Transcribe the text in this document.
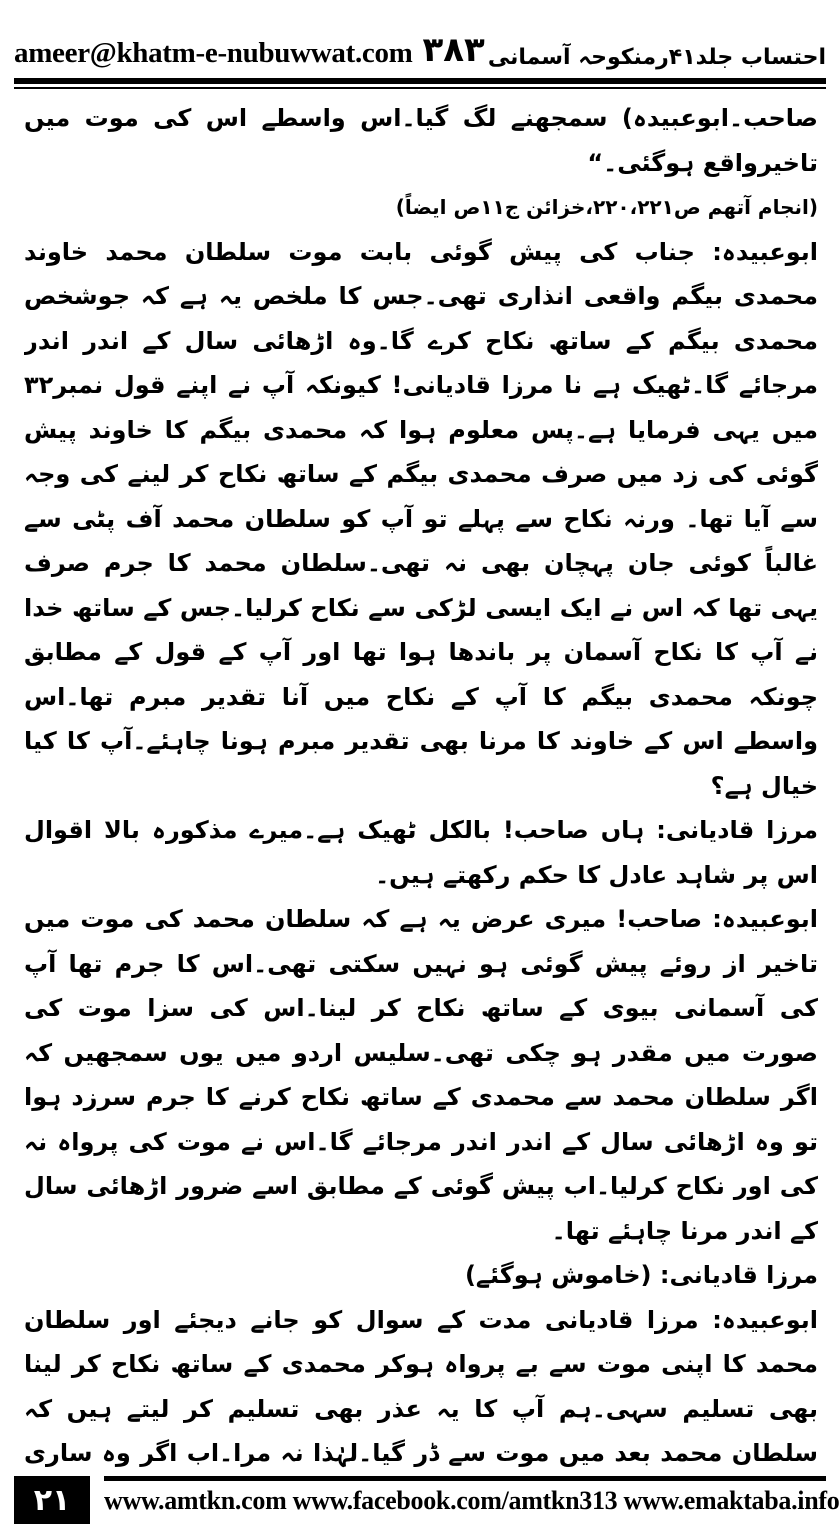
ameer@khatm-e-nubuwwat.com ۳۸۳ احتساب جلد۴۱رمنکوحہ آسمانی

صاحب۔ابوعبیدہ) سمجھنے لگ گیا۔اس واسطے اس کی موت میں تاخیرواقع ہوگئی۔“

(انجام آتھم ص۲۲۰،۲۲۱،خزائن ج۱۱ص ایضاً)

ابوعبیدہ: جناب کی پیش گوئی بابت موت سلطان محمد خاوند محمدی بیگم واقعی انذاری تھی۔جس کا ملخص یہ ہے کہ جوشخص محمدی بیگم کے ساتھ نکاح کرے گا۔وہ اڑھائی سال کے اندر اندر مرجائے گا۔ٹھیک ہے نا مرزا قادیانی! کیونکہ آپ نے اپنے قول نمبر۳۲ میں یہی فرمایا ہے۔پس معلوم ہوا کہ محمدی بیگم کا خاوند پیش گوئی کی زد میں صرف محمدی بیگم کے ساتھ نکاح کر لینے کی وجہ سے آیا تھا۔ ورنہ نکاح سے پہلے تو آپ کو سلطان محمد آف پٹی سے غالباً کوئی جان پہچان بھی نہ تھی۔سلطان محمد کا جرم صرف یہی تھا کہ اس نے ایک ایسی لڑکی سے نکاح کرلیا۔جس کے ساتھ خدا نے آپ کا نکاح آسمان پر باندھا ہوا تھا اور آپ کے قول کے مطابق چونکہ محمدی بیگم کا آپ کے نکاح میں آنا تقدیر مبرم تھا۔اس واسطے اس کے خاوند کا مرنا بھی تقدیر مبرم ہونا چاہئے۔آپ کا کیا خیال ہے؟

مرزا قادیانی: ہاں صاحب! بالکل ٹھیک ہے۔میرے مذکورہ بالا اقوال اس پر شاہد عادل کا حکم رکھتے ہیں۔

ابوعبیدہ: صاحب! میری عرض یہ ہے کہ سلطان محمد کی موت میں تاخیر از روئے پیش گوئی ہو نہیں سکتی تھی۔اس کا جرم تھا آپ کی آسمانی بیوی کے ساتھ نکاح کر لینا۔اس کی سزا موت کی صورت میں مقدر ہو چکی تھی۔سلیس اردو میں یوں سمجھیں کہ اگر سلطان محمد سے محمدی کے ساتھ نکاح کرنے کا جرم سرزد ہوا تو وہ اڑھائی سال کے اندر اندر مرجائے گا۔اس نے موت کی پرواہ نہ کی اور نکاح کرلیا۔اب پیش گوئی کے مطابق اسے ضرور اڑھائی سال کے اندر مرنا چاہئے تھا۔

مرزا قادیانی: (خاموش ہوگئے)

ابوعبیدہ: مرزا قادیانی مدت کے سوال کو جانے دیجئے اور سلطان محمد کا اپنی موت سے بے پرواہ ہوکر محمدی کے ساتھ نکاح کر لینا بھی تسلیم سہی۔ہم آپ کا یہ عذر بھی تسلیم کر لیتے ہیں کہ سلطان محمد بعد میں موت سے ڈر گیا۔لہٰذا نہ مرا۔اب اگر وہ ساری

۲۱	www.amtkn.com www.facebook.com/amtkn313 www.emaktaba.info
